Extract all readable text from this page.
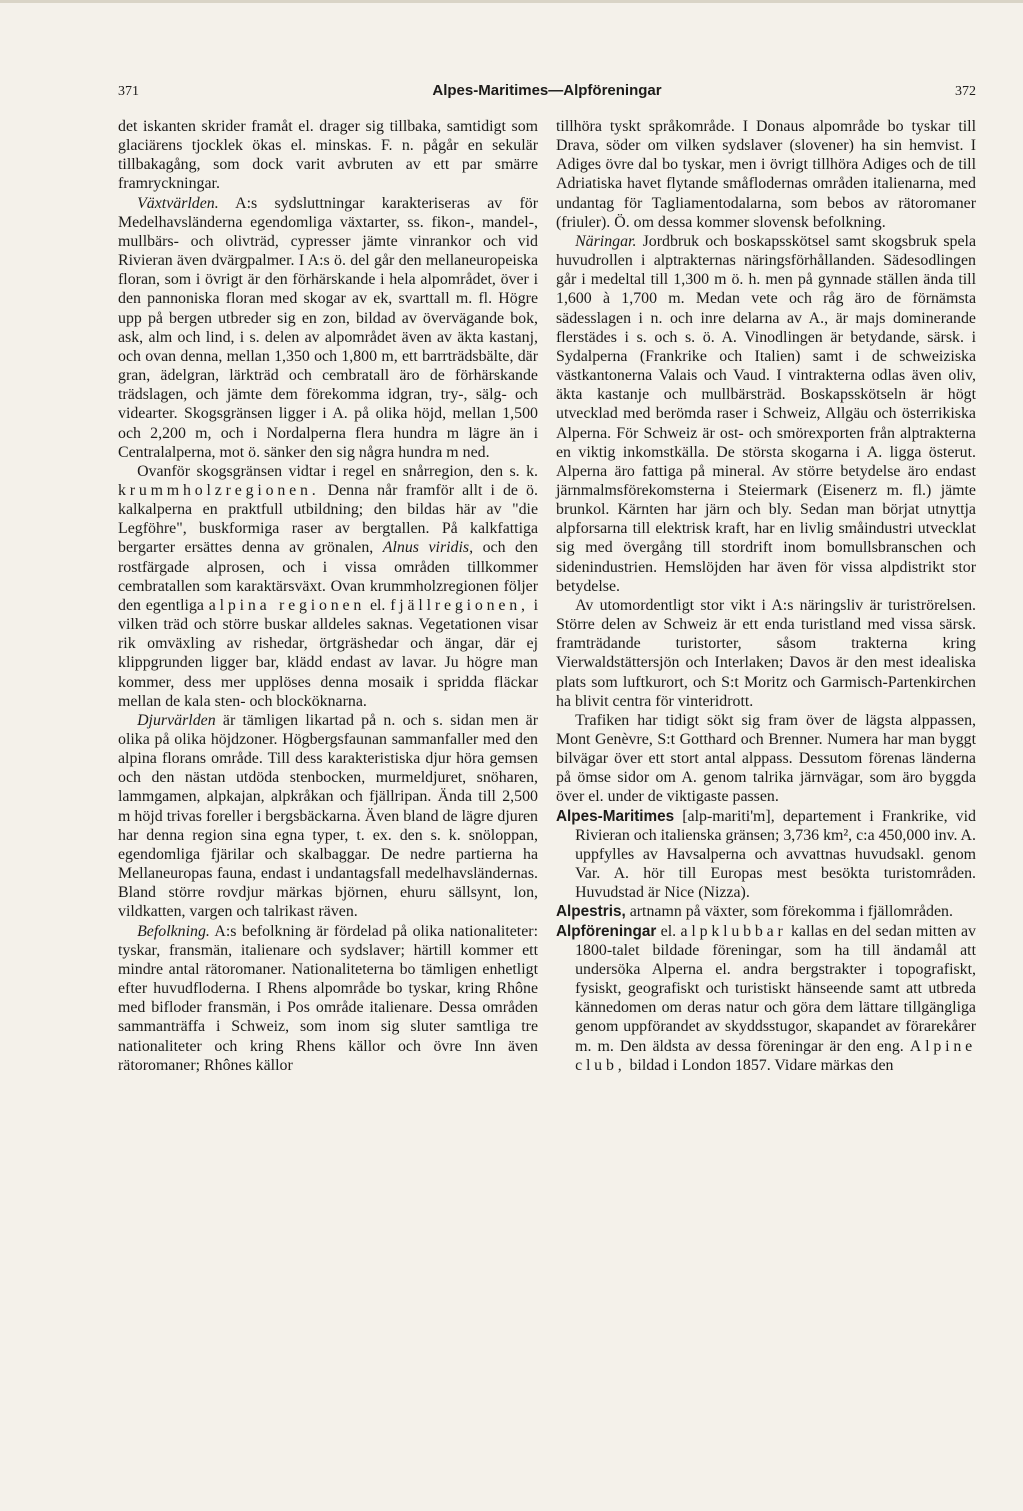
371	Alpes-Maritimes—Alpföreningar	372

det iskanten skrider framåt el. drager sig tillbaka, samtidigt som glaciärens tjocklek ökas el. minskas. F. n. pågår en sekulär tillbakagång, som dock varit avbruten av ett par smärre framryckningar.

Växtvärlden. A:s sydsluttningar karakteriseras av för Medelhavsländerna egendomliga växtarter, ss. fikon-, mandel-, mullbärs- och olivträd, cypresser jämte vinrankor och vid Rivieran även dvärgpalmer. I A:s ö. del går den mellaneuropeiska floran, som i övrigt är den förhärskande i hela alpområdet, över i den pannoniska floran med skogar av ek, svarttall m. fl. Högre upp på bergen utbreder sig en zon, bildad av övervägande bok, ask, alm och lind, i s. delen av alpområdet även av äkta kastanj, och ovan denna, mellan 1,350 och 1,800 m, ett barrträdsbälte, där gran, ädelgran, lärkträd och cembratall äro de förhärskande trädslagen, och jämte dem förekomma idgran, try-, sälg- och videarter. Skogsgränsen ligger i A. på olika höjd, mellan 1,500 och 2,200 m, och i Nordalperna flera hundra m lägre än i Centralalperna, mot ö. sänker den sig några hundra m ned.

Ovanför skogsgränsen vidtar i regel en snårregion, den s. k. krummholzregionen. Denna når framför allt i de ö. kalkalperna en praktfull utbildning; den bildas här av "die Legföhre", buskformiga raser av bergtallen. På kalkfattiga bergarter ersättes denna av grönalen, Alnus viridis, och den rostfärgade alprosen, och i vissa områden tillkommer cembratallen som karaktärsväxt. Ovan krummholzregionen följer den egentliga alpina regionen el. fjällregionen, i vilken träd och större buskar alldeles saknas. Vegetationen visar rik omväxling av rishedar, örtgräshedar och ängar, där ej klippgrunden ligger bar, klädd endast av lavar. Ju högre man kommer, dess mer upplöses denna mosaik i spridda fläckar mellan de kala sten- och blocköknarna.

Djurvärlden är tämligen likartad på n. och s. sidan men är olika på olika höjdzoner. Högbergsfaunan sammanfaller med den alpina florans område. Till dess karakteristiska djur höra gemsen och den nästan utdöda stenbocken, murmeldjuret, snöharen, lammgamen, alpkajan, alpkråkan och fjällripan. Ända till 2,500 m höjd trivas foreller i bergsbäckarna. Även bland de lägre djuren har denna region sina egna typer, t. ex. den s. k. snöloppan, egendomliga fjärilar och skalbaggar. De nedre partierna ha Mellaneuropas fauna, endast i undantagsfall medelhavsländernas. Bland större rovdjur märkas björnen, ehuru sällsynt, lon, vildkatten, vargen och talrikast räven.

Befolkning. A:s befolkning är fördelad på olika nationaliteter: tyskar, fransmän, italienare och sydslaver; härtill kommer ett mindre antal rätoromaner. Nationaliteterna bo tämligen enhetligt efter huvudfloderna. I Rhens alpområde bo tyskar, kring Rhône med bifloder fransmän, i Pos område italienare. Dessa områden sammanträffa i Schweiz, som inom sig sluter samtliga tre nationaliteter och kring Rhens källor och övre Inn även rätoromaner; Rhônes källor

tillhöra tyskt språkområde. I Donaus alpområde bo tyskar till Drava, söder om vilken sydslaver (slovener) ha sin hemvist. I Adiges övre dal bo tyskar, men i övrigt tillhöra Adiges och de till Adriatiska havet flytande småflodernas områden italienarna, med undantag för Tagliamentodalarna, som bebos av rätoromaner (friuler). Ö. om dessa kommer slovensk befolkning.

Näringar. Jordbruk och boskapsskötsel samt skogsbruk spela huvudrollen i alptrakternas näringsförhållanden. Sädesodlingen går i medeltal till 1,300 m ö. h. men på gynnade ställen ända till 1,600 à 1,700 m. Medan vete och råg äro de förnämsta sädesslagen i n. och inre delarna av A., är majs dominerande flerstädes i s. och s. ö. A. Vinodlingen är betydande, särsk. i Sydalperna (Frankrike och Italien) samt i de schweiziska västkantonerna Valais och Vaud. I vintrakterna odlas även oliv, äkta kastanje och mullbärsträd. Boskapsskötseln är högt utvecklad med berömda raser i Schweiz, Allgäu och österrikiska Alperna. För Schweiz är ost- och smörexporten från alptrakterna en viktig inkomstkälla. De största skogarna i A. ligga österut. Alperna äro fattiga på mineral. Av större betydelse äro endast järnmalmsförekomsterna i Steiermark (Eisenerz m. fl.) jämte brunkol. Kärnten har järn och bly. Sedan man börjat utnyttja alpforsarna till elektrisk kraft, har en livlig småindustri utvecklat sig med övergång till stordrift inom bomullsbranschen och sidenindustrien. Hemslöjden har även för vissa alpdistrikt stor betydelse.

Av utomordentligt stor vikt i A:s näringsliv är turiströrelsen. Större delen av Schweiz är ett enda turistland med vissa särsk. framträdande turistorter, såsom trakterna kring Vierwaldstättersjön och Interlaken; Davos är den mest idealiska plats som luftkurort, och S:t Moritz och Garmisch-Partenkirchen ha blivit centra för vinteridrott.

Trafiken har tidigt sökt sig fram över de lägsta alppassen, Mont Genèvre, S:t Gotthard och Brenner. Numera har man byggt bilvägar över ett stort antal alppass. Dessutom förenas länderna på ömse sidor om A. genom talrika järnvägar, som äro byggda över el. under de viktigaste passen.

Alpes-Maritimes [alp-mariti'm], departement i Frankrike, vid Rivieran och italienska gränsen; 3,736 km², c:a 450,000 inv. A. uppfylles av Havsalperna och avvattnas huvudsakl. genom Var. A. hör till Europas mest besökta turistområden. Huvudstad är Nice (Nizza).

Alpestris, artnamn på växter, som förekomma i fjällområden.

Alpföreningar el. alpklubbar kallas en del sedan mitten av 1800-talet bildade föreningar, som ha till ändamål att undersöka Alperna el. andra bergstrakter i topografiskt, fysiskt, geografiskt och turistiskt hänseende samt att utbreda kännedomen om deras natur och göra dem lättare tillgängliga genom uppförandet av skyddsstugor, skapandet av förarekårer m. m. Den äldsta av dessa föreningar är den eng. Alpine club, bildad i London 1857. Vidare märkas den
